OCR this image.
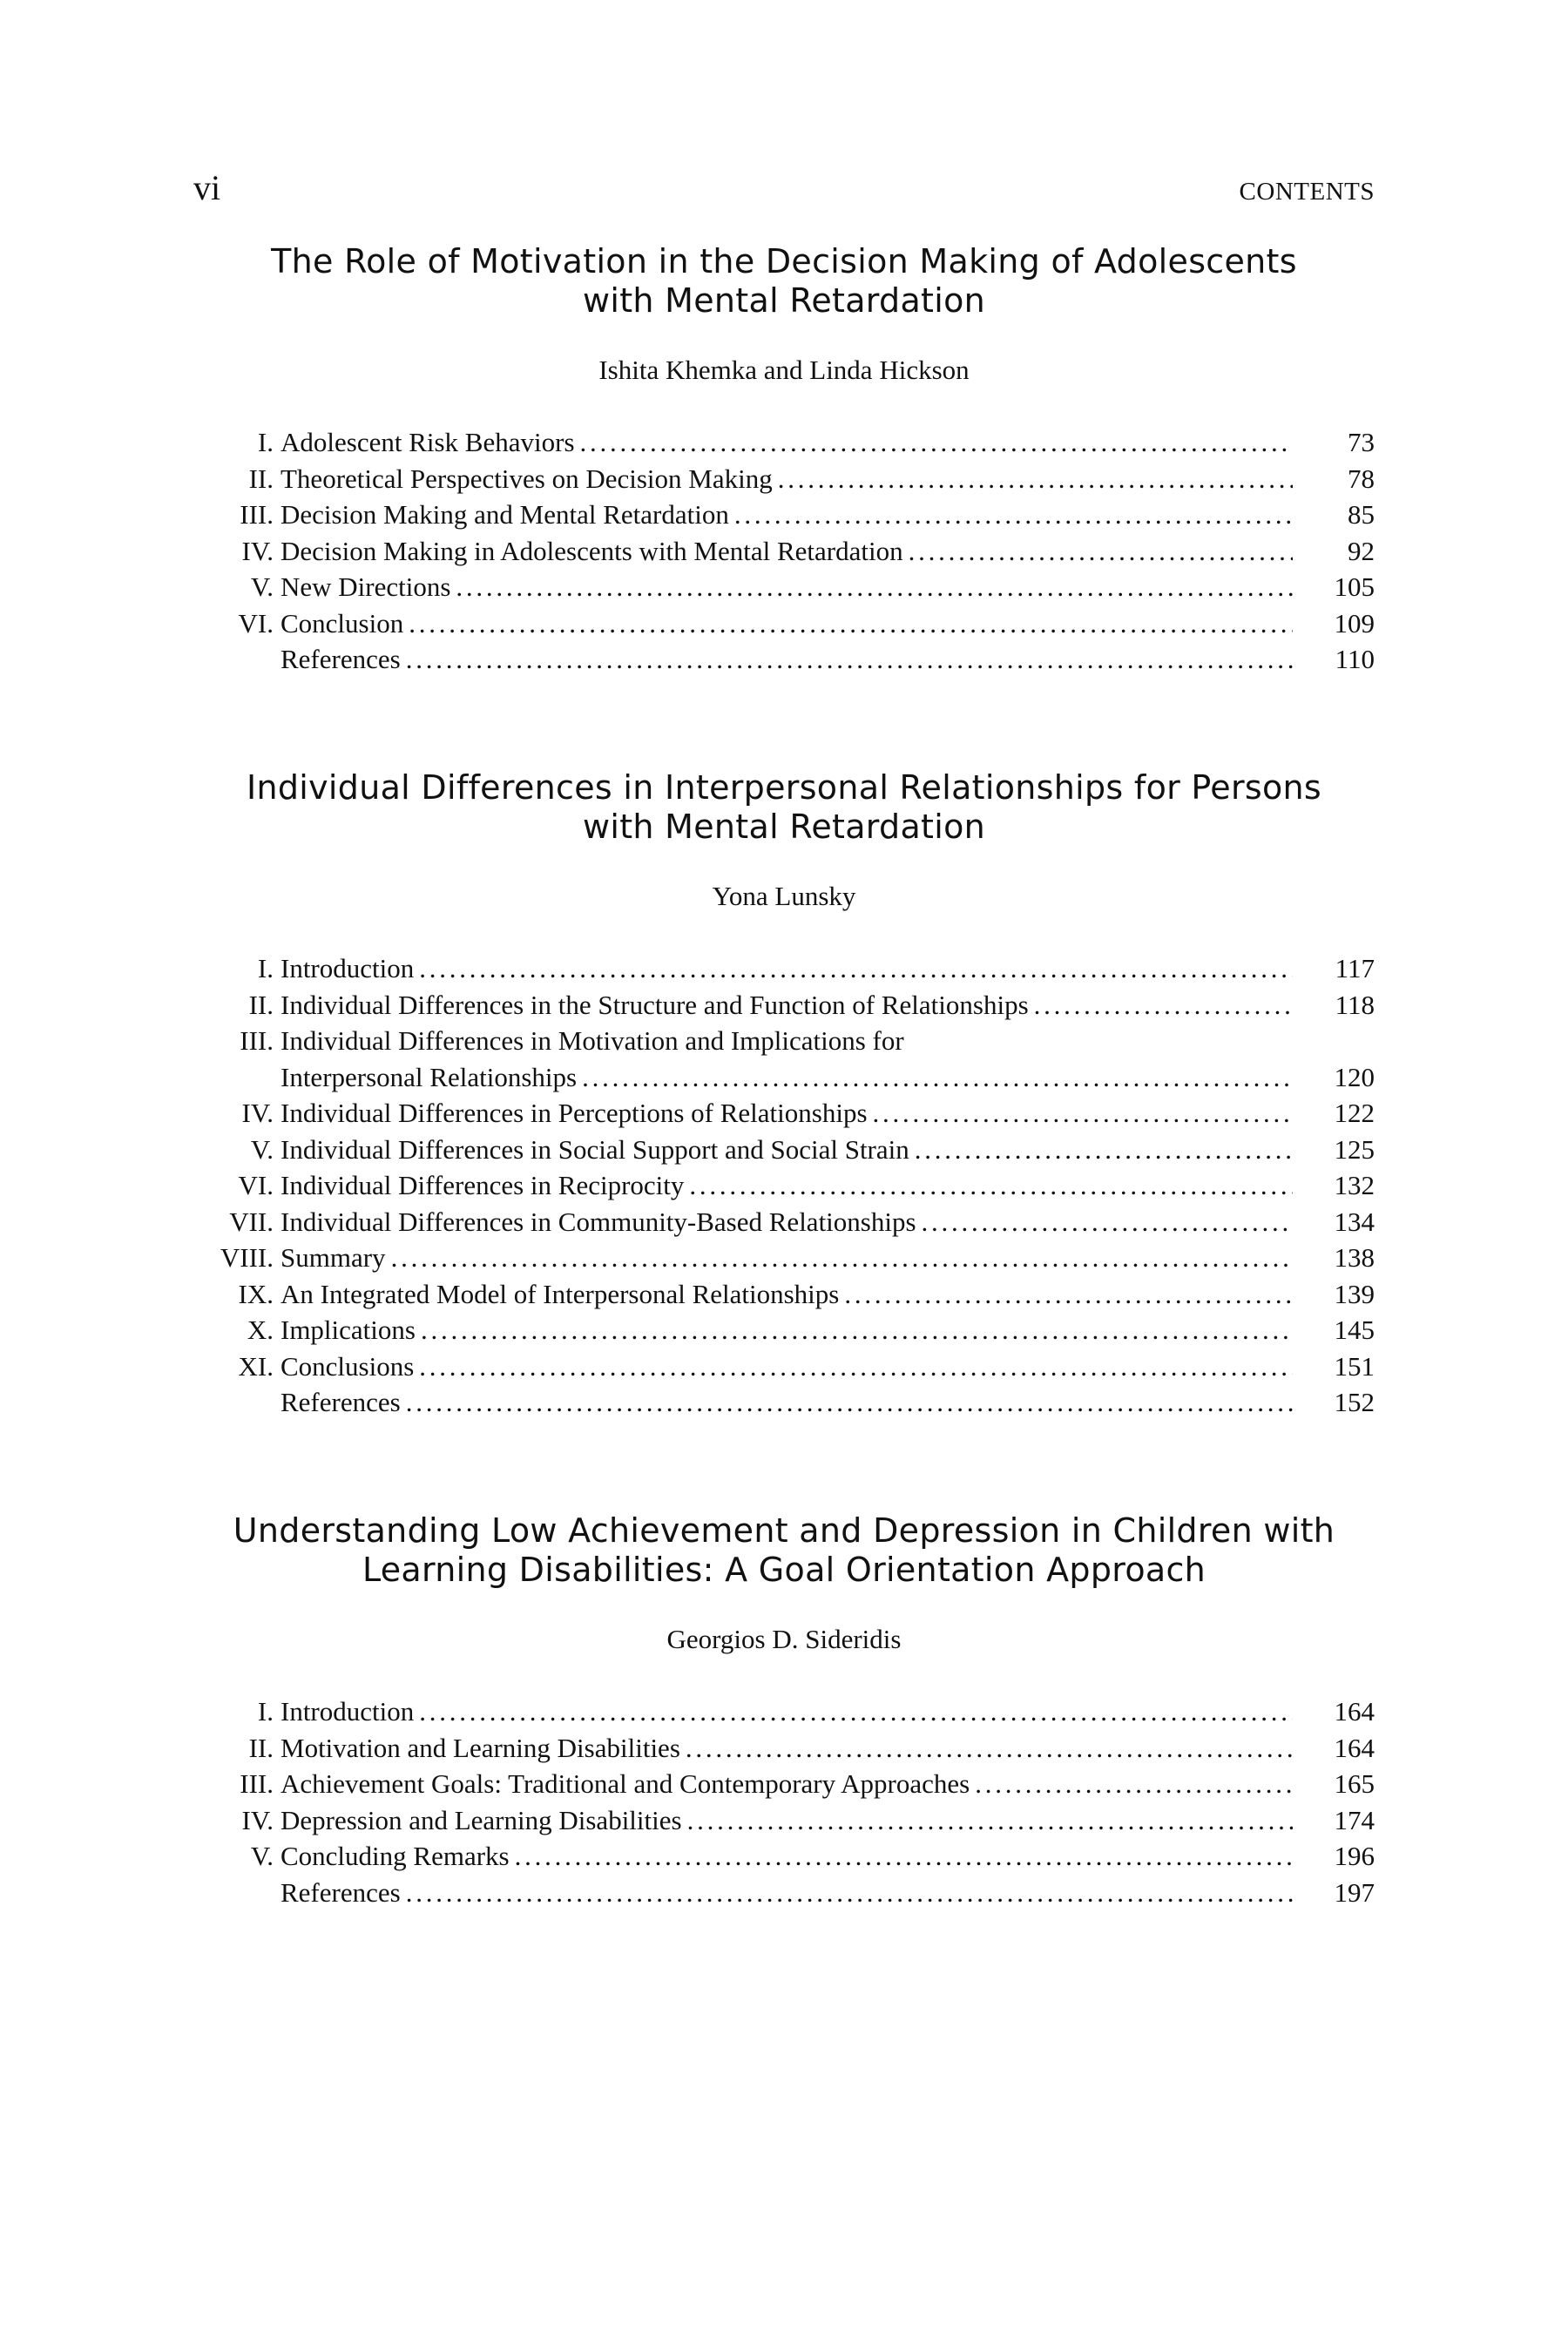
vi	CONTENTS
The Role of Motivation in the Decision Making of Adolescents
with Mental Retardation
Ishita Khemka and Linda Hickson
I. Adolescent Risk Behaviors . . .	73
II. Theoretical Perspectives on Decision Making . . .	78
III. Decision Making and Mental Retardation . . .	85
IV. Decision Making in Adolescents with Mental Retardation . . .	92
V. New Directions . . .	105
VI. Conclusion . . .	109
References . . .	110
Individual Differences in Interpersonal Relationships for Persons
with Mental Retardation
Yona Lunsky
I. Introduction . . .	117
II. Individual Differences in the Structure and Function of Relationships . . .	118
III. Individual Differences in Motivation and Implications for
Interpersonal Relationships . . .	120
IV. Individual Differences in Perceptions of Relationships . . .	122
V. Individual Differences in Social Support and Social Strain . . .	125
VI. Individual Differences in Reciprocity . . .	132
VII. Individual Differences in Community-Based Relationships . . .	134
VIII. Summary . . .	138
IX. An Integrated Model of Interpersonal Relationships . . .	139
X. Implications . . .	145
XI. Conclusions . . .	151
References . . .	152
Understanding Low Achievement and Depression in Children with
Learning Disabilities: A Goal Orientation Approach
Georgios D. Sideridis
I. Introduction . . .	164
II. Motivation and Learning Disabilities . . .	164
III. Achievement Goals: Traditional and Contemporary Approaches . . .	165
IV. Depression and Learning Disabilities . . .	174
V. Concluding Remarks . . .	196
References . . .	197
